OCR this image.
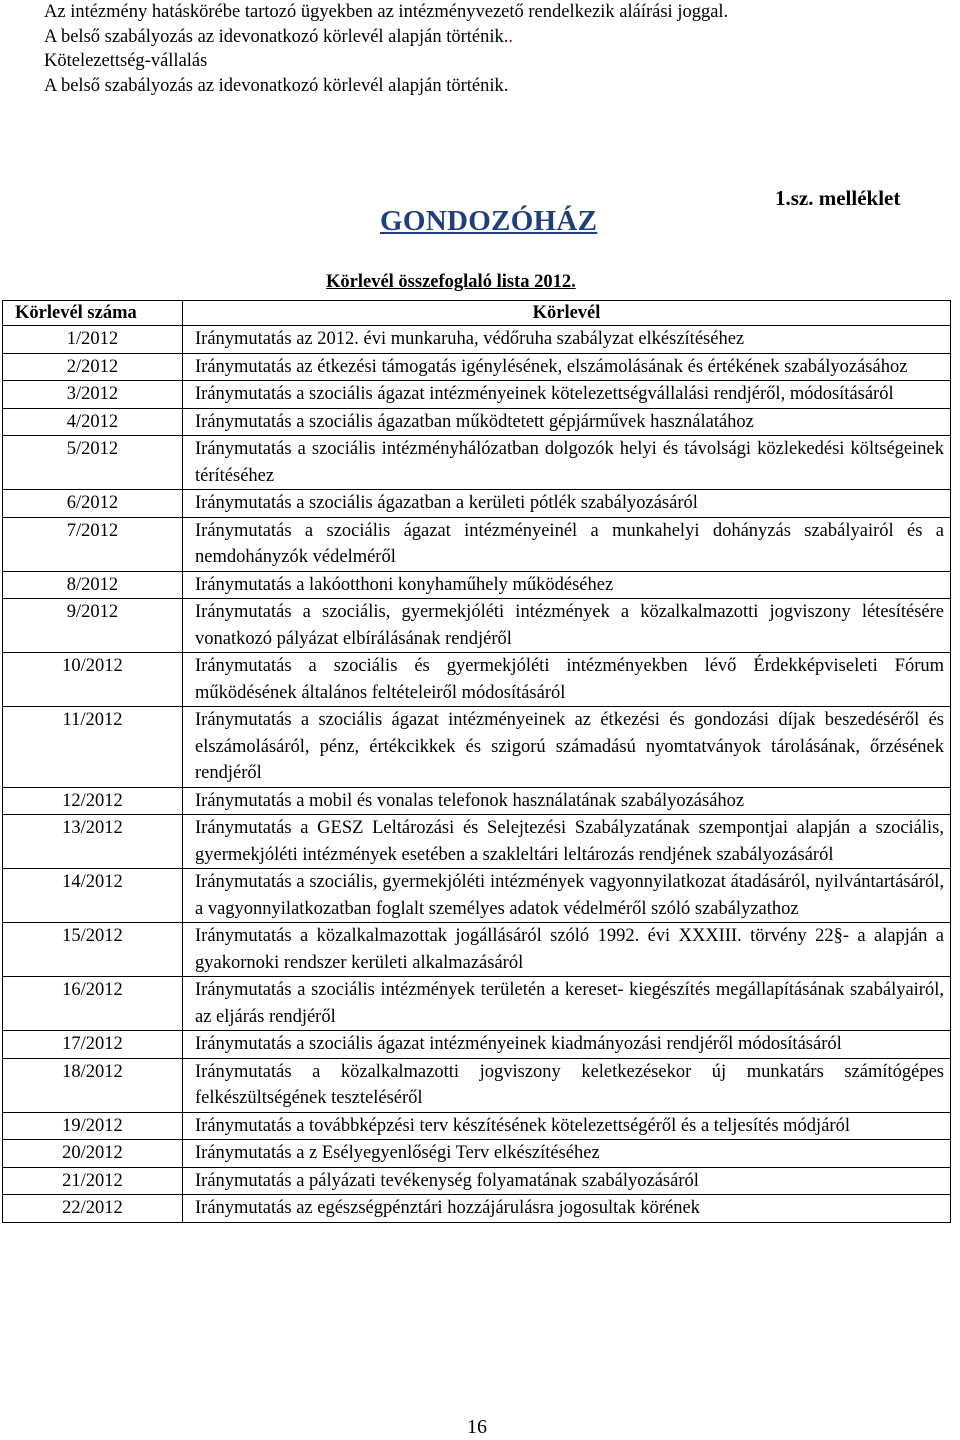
Az intézmény hatáskörébe tartozó ügyekben az intézményvezető rendelkezik aláírási joggal.

A belső szabályozás az idevonatkozó körlevél alapján történik..

Kötelezettség-vállalás

A belső szabályozás az idevonatkozó körlevél alapján történik.

GONDOZÓHÁZ
1.sz. melléklet
Körlevél összefoglaló lista 2012.
Körlevél száma	Körlevél
1/2012	Iránymutatás az 2012. évi munkaruha, védőruha szabályzat elkészítéséhez
2/2012	Iránymutatás az étkezési támogatás igénylésének, elszámolásának és értékének szabályozásához
3/2012	Iránymutatás a szociális ágazat intézményeinek kötelezettségvállalási rendjéről, módosításáról
4/2012	Iránymutatás a szociális ágazatban működtetett gépjárművek használatához
5/2012	Iránymutatás a szociális intézményhálózatban dolgozók helyi és távolsági közlekedési költségeinek térítéséhez
6/2012	Iránymutatás a szociális ágazatban a kerületi pótlék szabályozásáról
7/2012	Iránymutatás a szociális ágazat intézményeinél a munkahelyi dohányzás szabályairól és a nemdohányzók védelméről
8/2012	Iránymutatás a lakóotthoni konyhaműhely működéséhez
9/2012	Iránymutatás a szociális, gyermekjóléti intézmények a közalkalmazotti jogviszony létesítésére vonatkozó pályázat elbírálásának rendjéről
10/2012	Iránymutatás a szociális és gyermekjóléti intézményekben lévő Érdekképviseleti Fórum működésének általános feltételeiről módosításáról
11/2012	Iránymutatás a szociális ágazat intézményeinek az étkezési és gondozási díjak beszedéséről és elszámolásáról, pénz, értékcikkek és szigorú számadású nyomtatványok tárolásának, őrzésének rendjéről
12/2012	Iránymutatás a mobil és vonalas telefonok használatának szabályozásához
13/2012	Iránymutatás a GESZ Leltározási és Selejtezési Szabályzatának szempontjai alapján a szociális, gyermekjóléti intézmények esetében a szakleltári leltározás rendjének szabályozásáról
14/2012	Iránymutatás a szociális, gyermekjóléti intézmények vagyonnyilatkozat átadásáról, nyilvántartásáról, a vagyonnyilatkozatban foglalt személyes adatok védelméről szóló szabályzathoz
15/2012	Iránymutatás a közalkalmazottak jogállásáról szóló 1992. évi XXXIII. törvény 22§- a alapján a gyakornoki rendszer kerületi alkalmazásáról
16/2012	Iránymutatás a szociális intézmények területén a kereset- kiegészítés megállapításának szabályairól, az eljárás rendjéről
17/2012	Iránymutatás a szociális ágazat intézményeinek kiadmányozási rendjéről módosításáról
18/2012	Iránymutatás a közalkalmazotti jogviszony keletkezésekor új munkatárs számítógépes felkészültségének teszteléséről
19/2012	Iránymutatás a továbbképzési terv készítésének kötelezettségéről és a teljesítés módjáról
20/2012	Iránymutatás a z Esélyegyenlőségi Terv elkészítéséhez
21/2012	Iránymutatás a pályázati tevékenység folyamatának szabályozásáról
22/2012	Iránymutatás az egészségpénztári hozzájárulásra jogosultak körének
16
